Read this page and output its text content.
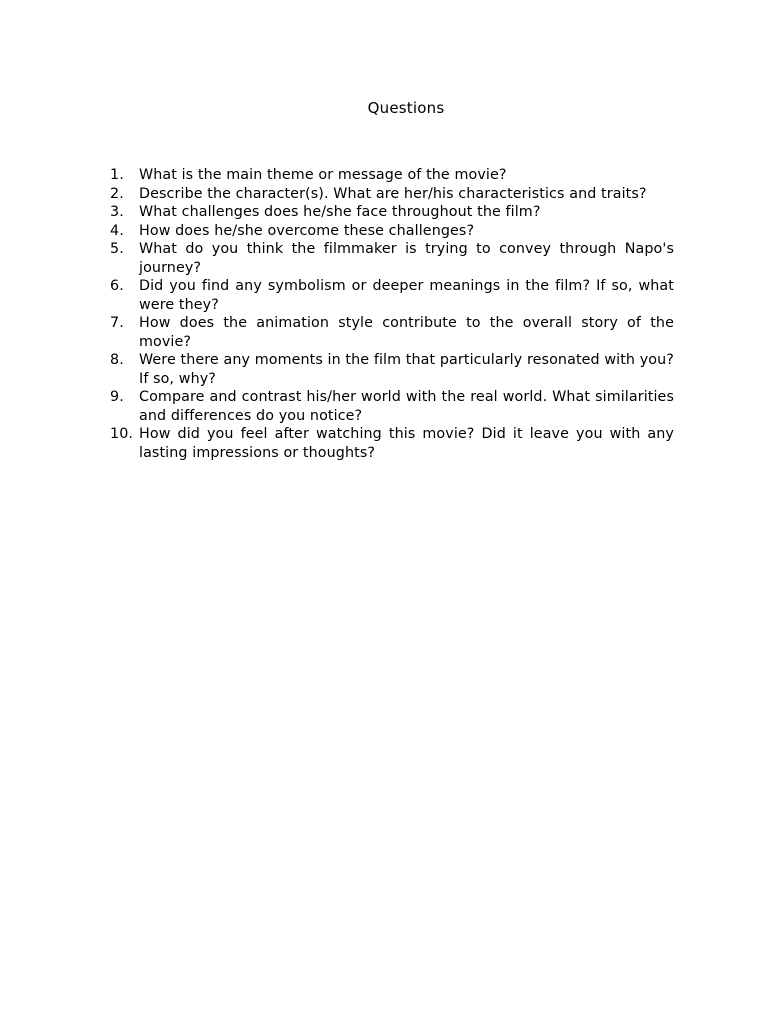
Questions
1.	What is the main theme or message of the movie?
2.	Describe the character(s). What are her/his characteristics and traits?
3.	What challenges does he/she face throughout the film?
4.	How does he/she overcome these challenges?
5.	What do you think the filmmaker is trying to convey through Napo's journey?
6.	Did you find any symbolism or deeper meanings in the film? If so, what were they?
7.	How does the animation style contribute to the overall story of the movie?
8.	Were there any moments in the film that particularly resonated with you? If so, why?
9.	Compare and contrast his/her world with the real world. What similarities and differences do you notice?
10. How did you feel after watching this movie? Did it leave you with any lasting impressions or thoughts?
